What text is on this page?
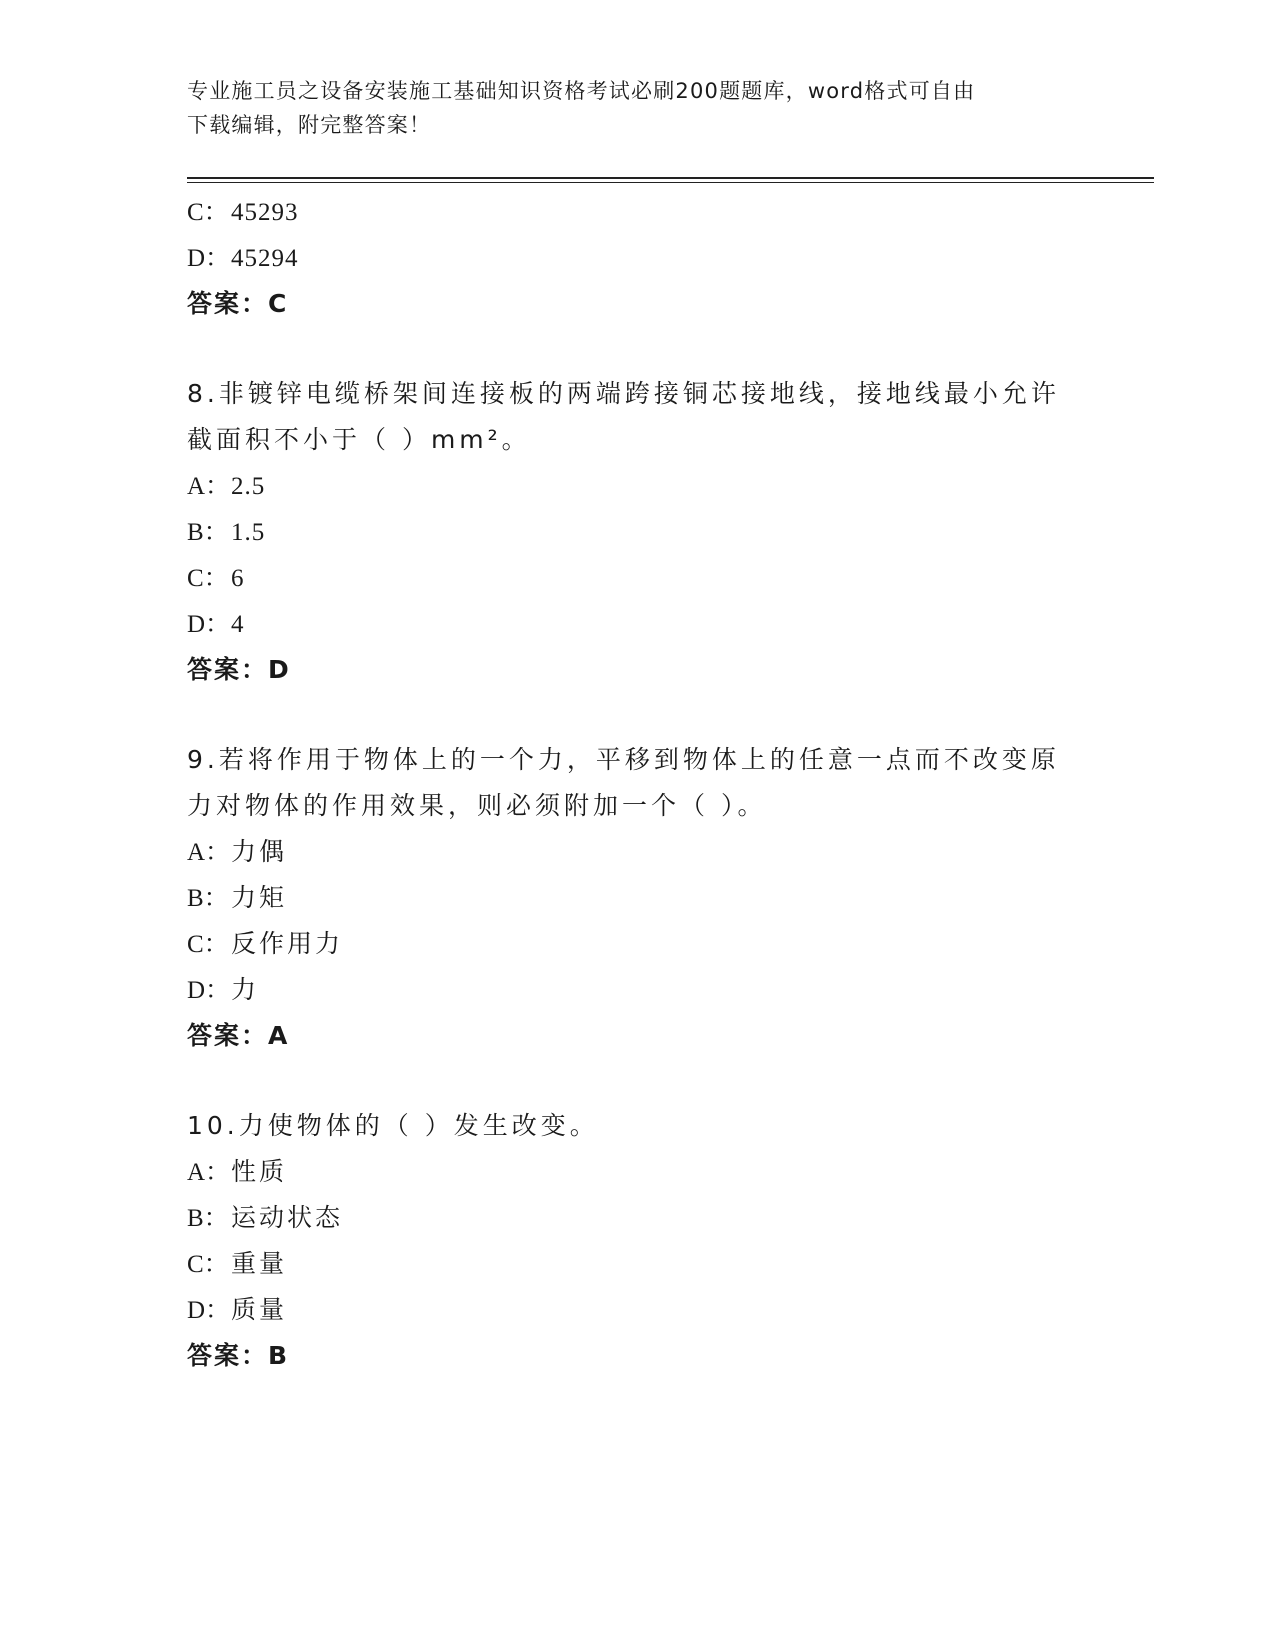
专业施工员之设备安装施工基础知识资格考试必刷200题题库，word格式可自由
下载编辑，附完整答案！
C：45293
D：45294
答案：C
8.非镀锌电缆桥架间连接板的两端跨接铜芯接地线，接地线最小允许
截面积不小于（ ）mm²。
A：2.5
B：1.5
C：6
D：4
答案：D
9.若将作用于物体上的一个力，平移到物体上的任意一点而不改变原
力对物体的作用效果，则必须附加一个（ ）。
A：力偶
B：力矩
C：反作用力
D：力
答案：A
10.力使物体的（ ）发生改变。
A：性质
B：运动状态
C：重量
D：质量
答案：B
